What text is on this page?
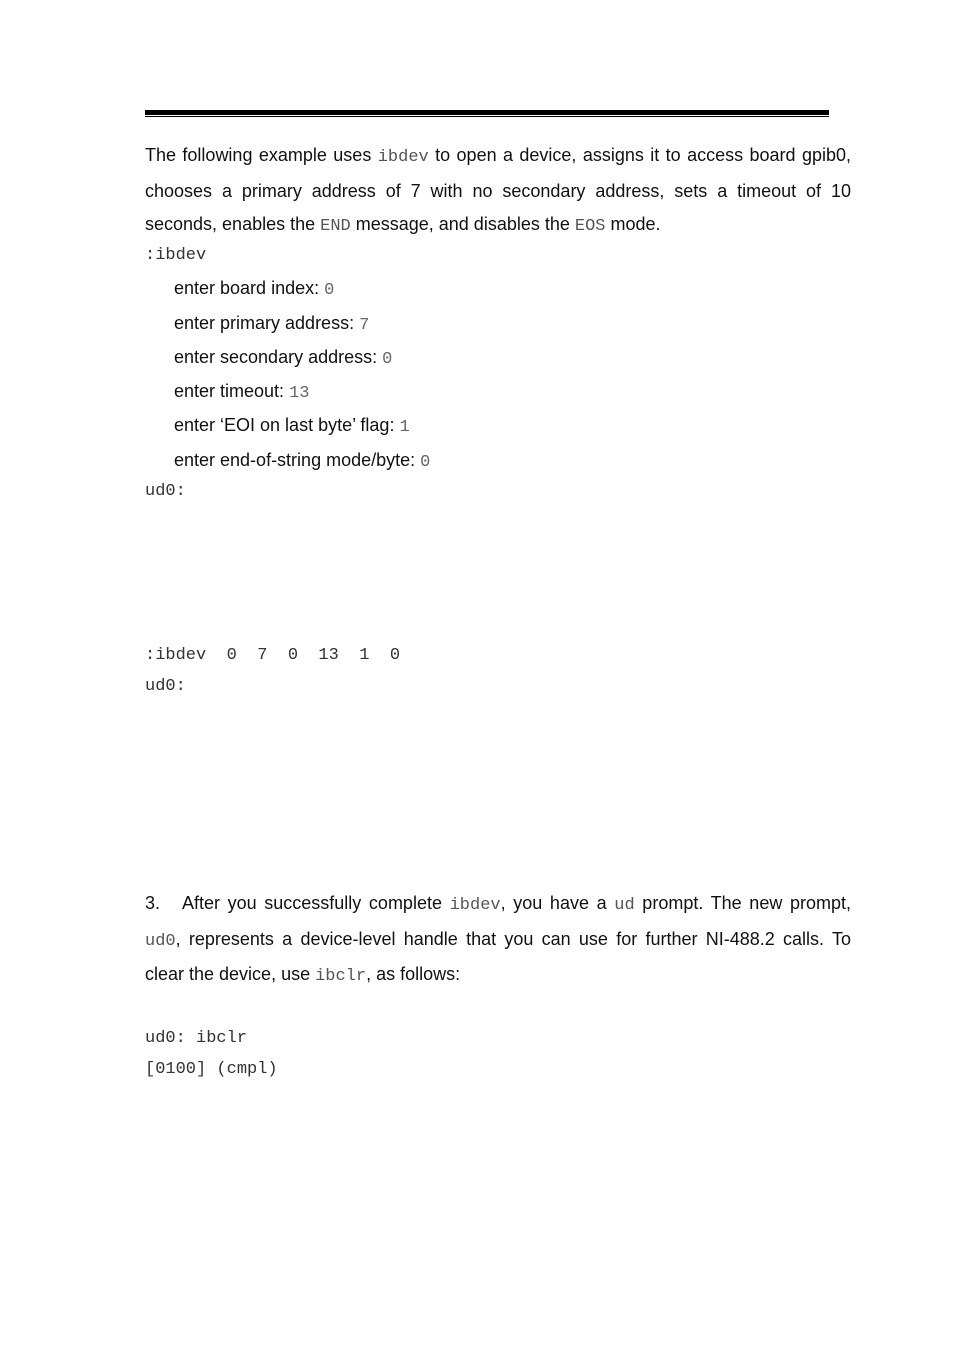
The following example uses ibdev to open a device, assigns it to access board gpib0, chooses a primary address of 7 with no secondary address, sets a timeout of 10 seconds, enables the END message, and disables the EOS mode.
:ibdev
enter board index: 0
enter primary address: 7
enter secondary address: 0
enter timeout: 13
enter ‘EOI on last byte’ flag: 1
enter end-of-string mode/byte: 0
ud0:
:ibdev  0  7  0  13  1  0
ud0:
3.   After you successfully complete ibdev, you have a ud prompt. The new prompt, ud0, represents a device-level handle that you can use for further NI-488.2 calls. To clear the device, use ibclr, as follows:
ud0: ibclr
[0100] (cmpl)
